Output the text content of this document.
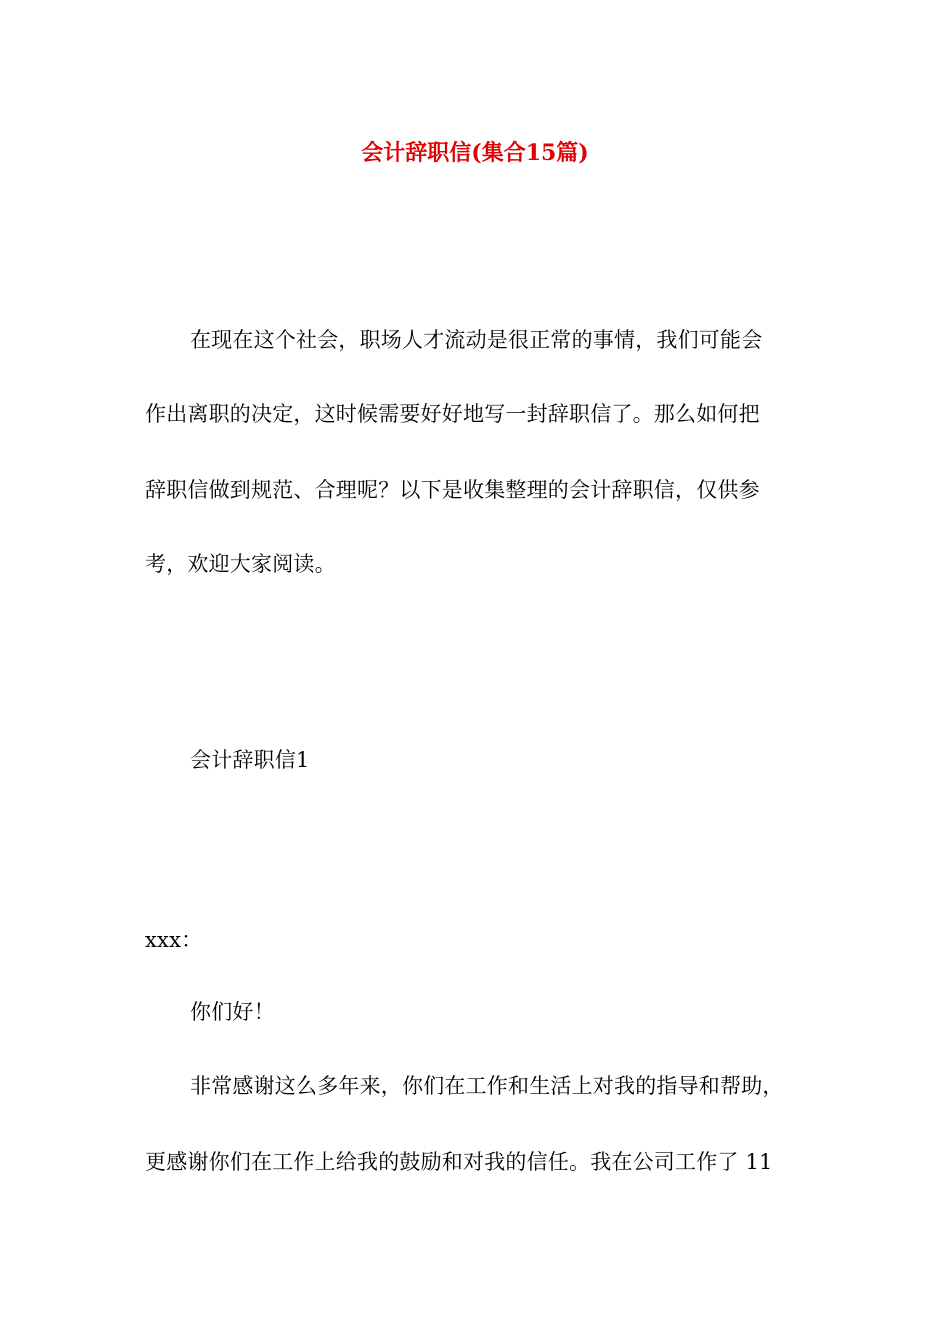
会计辞职信(集合15篇)
在现在这个社会，职场人才流动是很正常的事情，我们可能会
作出离职的决定，这时候需要好好地写一封辞职信了。那么如何把
辞职信做到规范、合理呢？以下是收集整理的会计辞职信，仅供参
考，欢迎大家阅读。
会计辞职信1
xxx：
你们好！
非常感谢这么多年来，你们在工作和生活上对我的指导和帮助，
更感谢你们在工作上给我的鼓励和对我的信任。我在公司工作了 11
